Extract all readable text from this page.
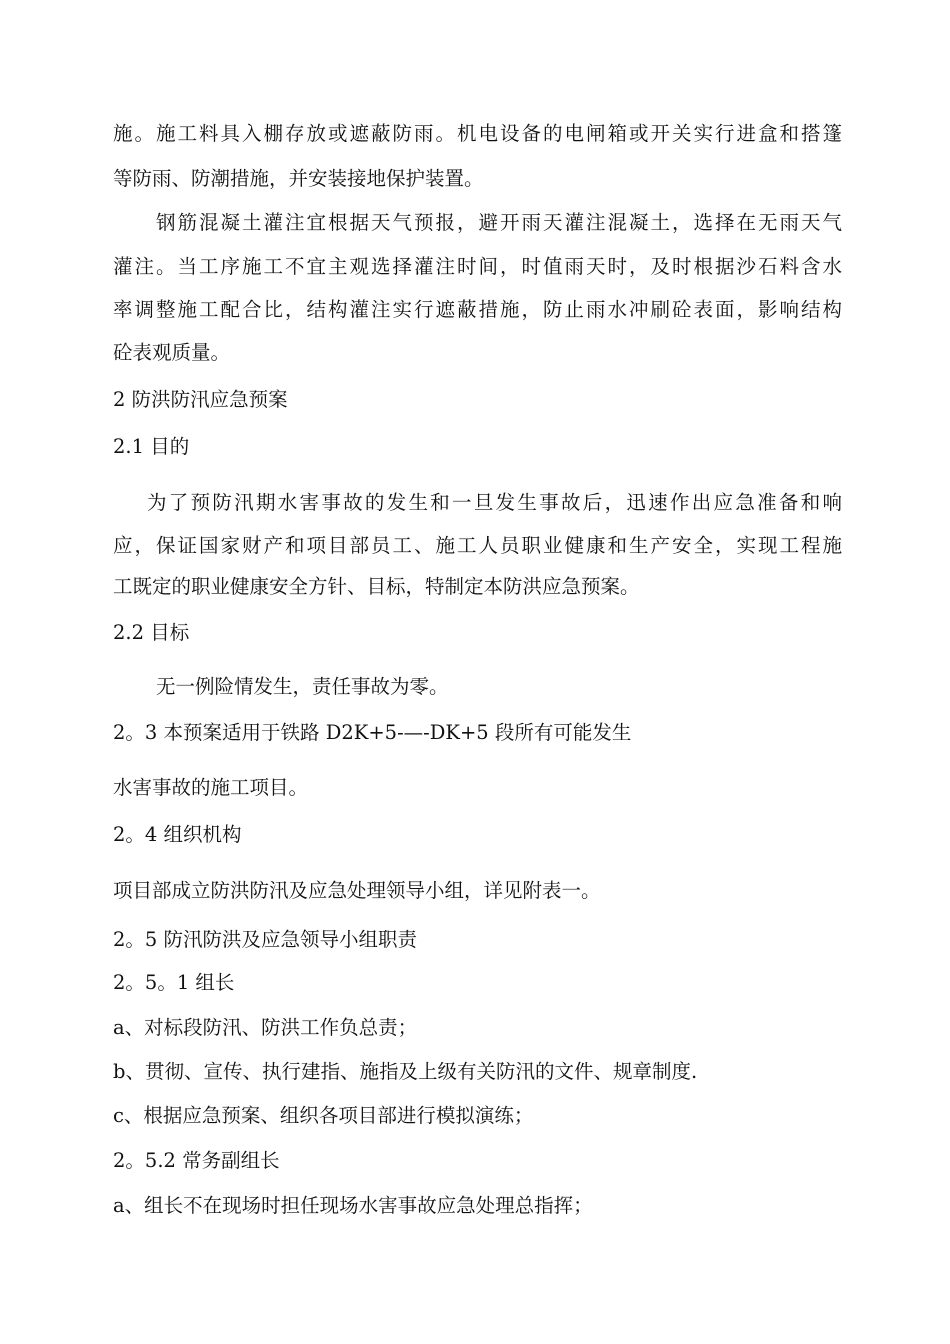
施。施工料具入棚存放或遮蔽防雨。机电设备的电闸箱或开关实行进盒和搭篷
等防雨、防潮措施，并安装接地保护装置。
钢筋混凝土灌注宜根据天气预报，避开雨天灌注混凝土，选择在无雨天气
灌注。当工序施工不宜主观选择灌注时间，时值雨天时，及时根据沙石料含水
率调整施工配合比，结构灌注实行遮蔽措施，防止雨水冲刷砼表面，影响结构
砼表观质量。
2 防洪防汛应急预案
2.1 目的
为了预防汛期水害事故的发生和一旦发生事故后，迅速作出应急准备和响
应，保证国家财产和项目部员工、施工人员职业健康和生产安全，实现工程施
工既定的职业健康安全方针、目标，特制定本防洪应急预案。
2.2 目标
无一例险情发生，责任事故为零。
2。3 本预案适用于铁路 D2K+5-—-DK+5 段所有可能发生
水害事故的施工项目。
2。4 组织机构
项目部成立防洪防汛及应急处理领导小组，详见附表一。
2。5 防汛防洪及应急领导小组职责
2。5。1 组长
a、对标段防汛、防洪工作负总责；
b、贯彻、宣传、执行建指、施指及上级有关防汛的文件、规章制度.
c、根据应急预案、组织各项目部进行模拟演练；
2。5.2 常务副组长
a、组长不在现场时担任现场水害事故应急处理总指挥；
